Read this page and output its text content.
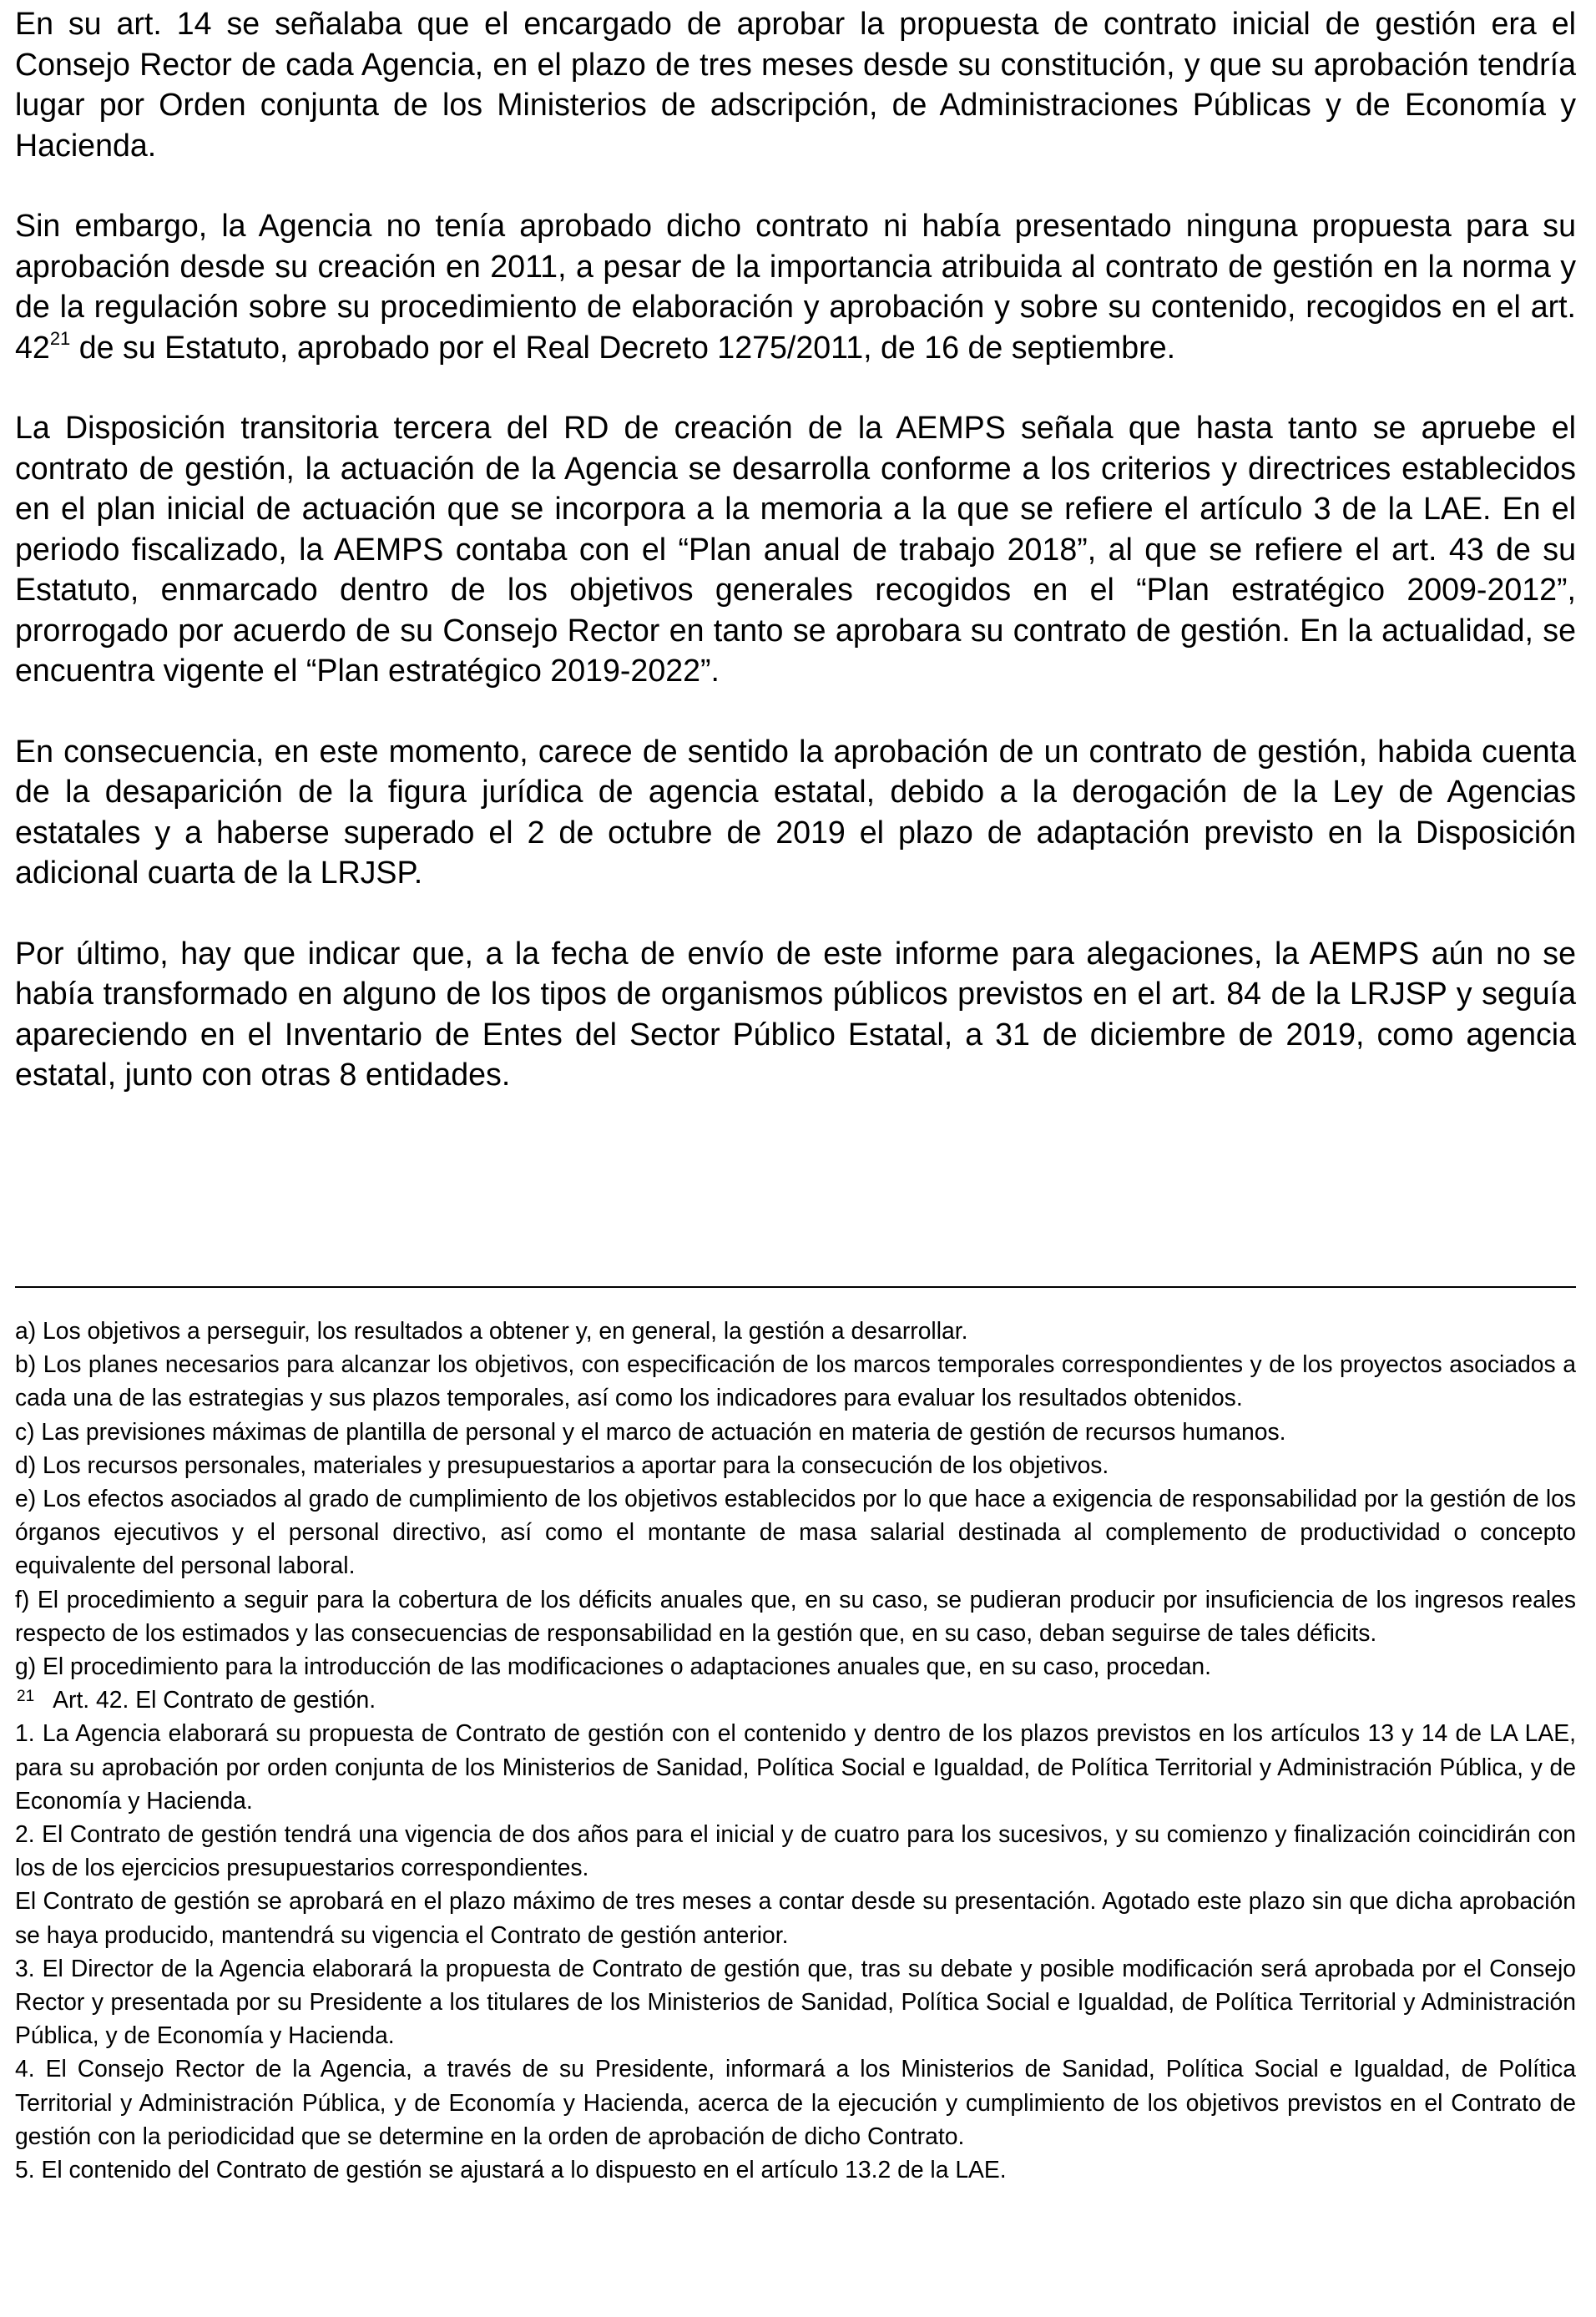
En su art. 14 se señalaba que el encargado de aprobar la propuesta de contrato inicial de gestión era el Consejo Rector de cada Agencia, en el plazo de tres meses desde su constitución, y que su aprobación tendría lugar por Orden conjunta de los Ministerios de adscripción, de Administraciones Públicas y de Economía y Hacienda.

Sin embargo, la Agencia no tenía aprobado dicho contrato ni había presentado ninguna propuesta para su aprobación desde su creación en 2011, a pesar de la importancia atribuida al contrato de gestión en la norma y de la regulación sobre su procedimiento de elaboración y aprobación y sobre su contenido, recogidos en el art. 42$^{21}$ de su Estatuto, aprobado por el Real Decreto 1275/2011, de 16 de septiembre.

La Disposición transitoria tercera del RD de creación de la AEMPS señala que hasta tanto se apruebe el contrato de gestión, la actuación de la Agencia se desarrolla conforme a los criterios y directrices establecidos en el plan inicial de actuación que se incorpora a la memoria a la que se refiere el artículo 3 de la LAE. En el periodo fiscalizado, la AEMPS contaba con el “Plan anual de trabajo 2018”, al que se refiere el art. 43 de su Estatuto, enmarcado dentro de los objetivos generales recogidos en el “Plan estratégico 2009-2012”, prorrogado por acuerdo de su Consejo Rector en tanto se aprobara su contrato de gestión. En la actualidad, se encuentra vigente el “Plan estratégico 2019-2022”.

En consecuencia, en este momento, carece de sentido la aprobación de un contrato de gestión, habida cuenta de la desaparición de la figura jurídica de agencia estatal, debido a la derogación de la Ley de Agencias estatales y a haberse superado el 2 de octubre de 2019 el plazo de adaptación previsto en la Disposición adicional cuarta de la LRJSP.

Por último, hay que indicar que, a la fecha de envío de este informe para alegaciones, la AEMPS aún no se había transformado en alguno de los tipos de organismos públicos previstos en el art. 84 de la LRJSP y seguía apareciendo en el Inventario de Entes del Sector Público Estatal, a 31 de diciembre de 2019, como agencia estatal, junto con otras 8 entidades.

a) Los objetivos a perseguir, los resultados a obtener y, en general, la gestión a desarrollar.

b) Los planes necesarios para alcanzar los objetivos, con especificación de los marcos temporales correspondientes y de los proyectos asociados a cada una de las estrategias y sus plazos temporales, así como los indicadores para evaluar los resultados obtenidos.

c) Las previsiones máximas de plantilla de personal y el marco de actuación en materia de gestión de recursos humanos.

d) Los recursos personales, materiales y presupuestarios a aportar para la consecución de los objetivos.

e) Los efectos asociados al grado de cumplimiento de los objetivos establecidos por lo que hace a exigencia de responsabilidad por la gestión de los órganos ejecutivos y el personal directivo, así como el montante de masa salarial destinada al complemento de productividad o concepto equivalente del personal laboral.

f) El procedimiento a seguir para la cobertura de los déficits anuales que, en su caso, se pudieran producir por insuficiencia de los ingresos reales respecto de los estimados y las consecuencias de responsabilidad en la gestión que, en su caso, deban seguirse de tales déficits.

g) El procedimiento para la introducción de las modificaciones o adaptaciones anuales que, en su caso, procedan.

$^{21}$ Art. 42. El Contrato de gestión.

1. La Agencia elaborará su propuesta de Contrato de gestión con el contenido y dentro de los plazos previstos en los artículos 13 y 14 de LA LAE, para su aprobación por orden conjunta de los Ministerios de Sanidad, Política Social e Igualdad, de Política Territorial y Administración Pública, y de Economía y Hacienda.

2. El Contrato de gestión tendrá una vigencia de dos años para el inicial y de cuatro para los sucesivos, y su comienzo y finalización coincidirán con los de los ejercicios presupuestarios correspondientes.

El Contrato de gestión se aprobará en el plazo máximo de tres meses a contar desde su presentación. Agotado este plazo sin que dicha aprobación se haya producido, mantendrá su vigencia el Contrato de gestión anterior.

3. El Director de la Agencia elaborará la propuesta de Contrato de gestión que, tras su debate y posible modificación será aprobada por el Consejo Rector y presentada por su Presidente a los titulares de los Ministerios de Sanidad, Política Social e Igualdad, de Política Territorial y Administración Pública, y de Economía y Hacienda.

4. El Consejo Rector de la Agencia, a través de su Presidente, informará a los Ministerios de Sanidad, Política Social e Igualdad, de Política Territorial y Administración Pública, y de Economía y Hacienda, acerca de la ejecución y cumplimiento de los objetivos previstos en el Contrato de gestión con la periodicidad que se determine en la orden de aprobación de dicho Contrato.

5. El contenido del Contrato de gestión se ajustará a lo dispuesto en el artículo 13.2 de la LAE.
